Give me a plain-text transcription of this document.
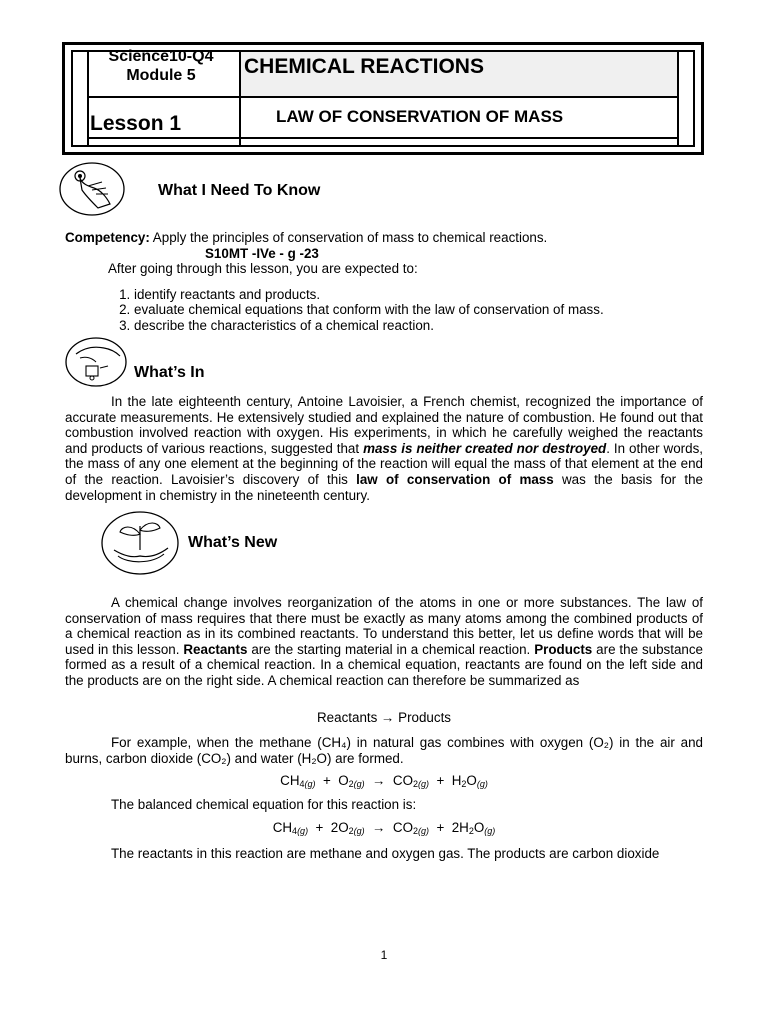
Science10-Q4
Module 5	CHEMICAL REACTIONS
Lesson 1	LAW OF CONSERVATION OF MASS
What I Need To Know
Competency: Apply the principles of conservation of mass to chemical reactions.
S10MT -IVe - g -23
After going through this lesson, you are expected to:
1. identify reactants and products.
2. evaluate chemical equations that conform with the law of conservation of mass.
3. describe the characteristics of a chemical reaction.
What’s In

In the late eighteenth century, Antoine Lavoisier, a French chemist, recognized the importance of accurate measurements. He extensively studied and explained the nature of combustion. He found out that combustion involved reaction with oxygen. His experiments, in which he carefully weighed the reactants and products of various reactions, suggested that mass is neither created nor destroyed. In other words, the mass of any one element at the beginning of the reaction will equal the mass of that element at the end of the reaction. Lavoisier’s discovery of this law of conservation of mass was the basis for the development in chemistry in the nineteenth century.

What’s New

A chemical change involves reorganization of the atoms in one or more substances. The law of conservation of mass requires that there must be exactly as many atoms among the combined products of a chemical reaction as in its combined reactants. To understand this better, let us define words that will be used in this lesson. Reactants are the starting material in a chemical reaction. Products are the substance formed as a result of a chemical reaction. In a chemical equation, reactants are found on the left side and the products are on the right side. A chemical reaction can therefore be summarized as

Reactants → Products

For example, when the methane (CH₄) in natural gas combines with oxygen (O₂) in the air and burns, carbon dioxide (CO₂) and water (H₂O) are formed.

$CH_{4(g)} + O_{2(g)} \to CO_{2(g)} + H_2O_{(g)}$
The balanced chemical equation for this reaction is:
$CH_{4(g)} + 2O_{2(g)} \to CO_{2(g)} + 2H_2O_{(g)}$
The reactants in this reaction are methane and oxygen gas. The products are carbon dioxide
1
